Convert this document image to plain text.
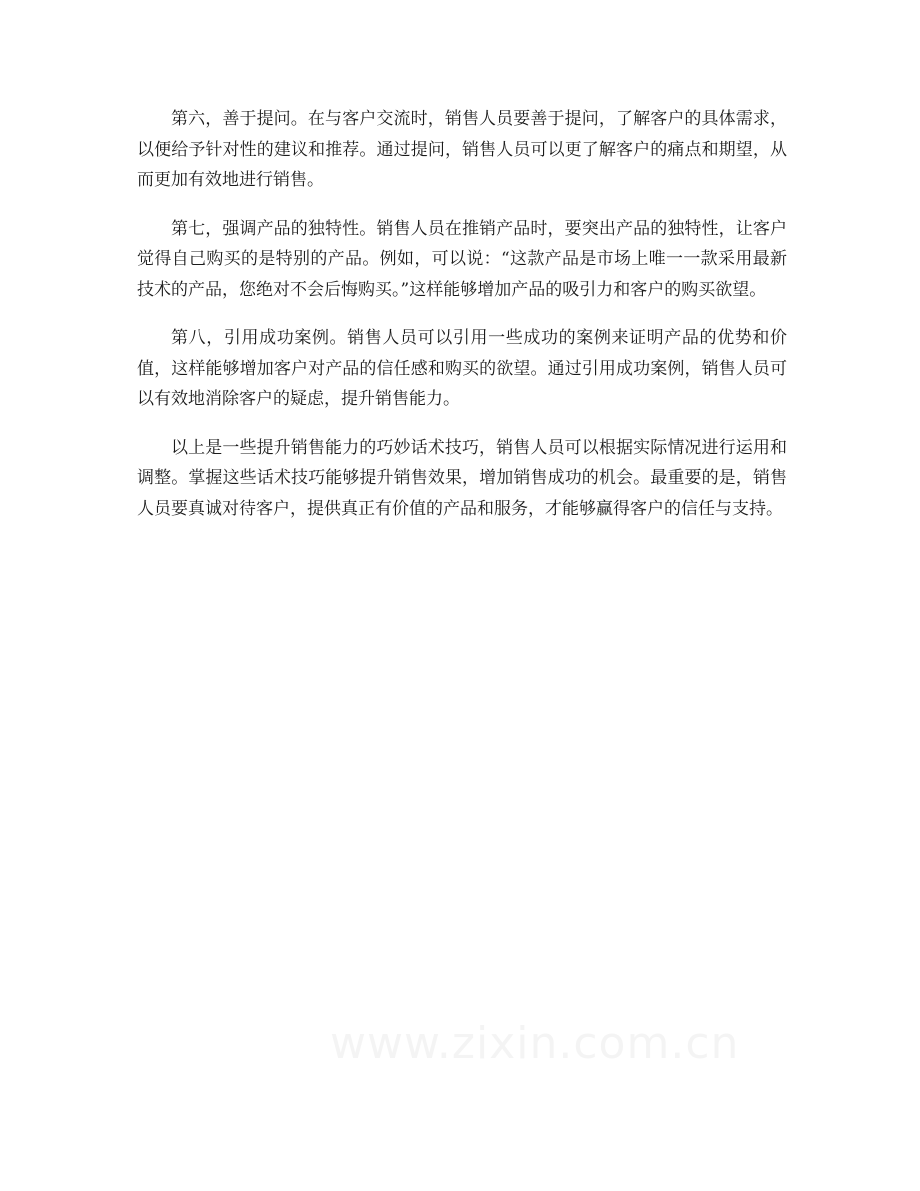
第六，善于提问。在与客户交流时，销售人员要善于提问，了解客户的具体需求，以便给予针对性的建议和推荐。通过提问，销售人员可以更了解客户的痛点和期望，从而更加有效地进行销售。

第七，强调产品的独特性。销售人员在推销产品时，要突出产品的独特性，让客户觉得自己购买的是特别的产品。例如，可以说：“这款产品是市场上唯一一款采用最新技术的产品，您绝对不会后悔购买。”这样能够增加产品的吸引力和客户的购买欲望。

第八，引用成功案例。销售人员可以引用一些成功的案例来证明产品的优势和价值，这样能够增加客户对产品的信任感和购买的欲望。通过引用成功案例，销售人员可以有效地消除客户的疑虑，提升销售能力。

以上是一些提升销售能力的巧妙话术技巧，销售人员可以根据实际情况进行运用和调整。掌握这些话术技巧能够提升销售效果，增加销售成功的机会。最重要的是，销售人员要真诚对待客户，提供真正有价值的产品和服务，才能够赢得客户的信任与支持。

www.zixin.com.cn
